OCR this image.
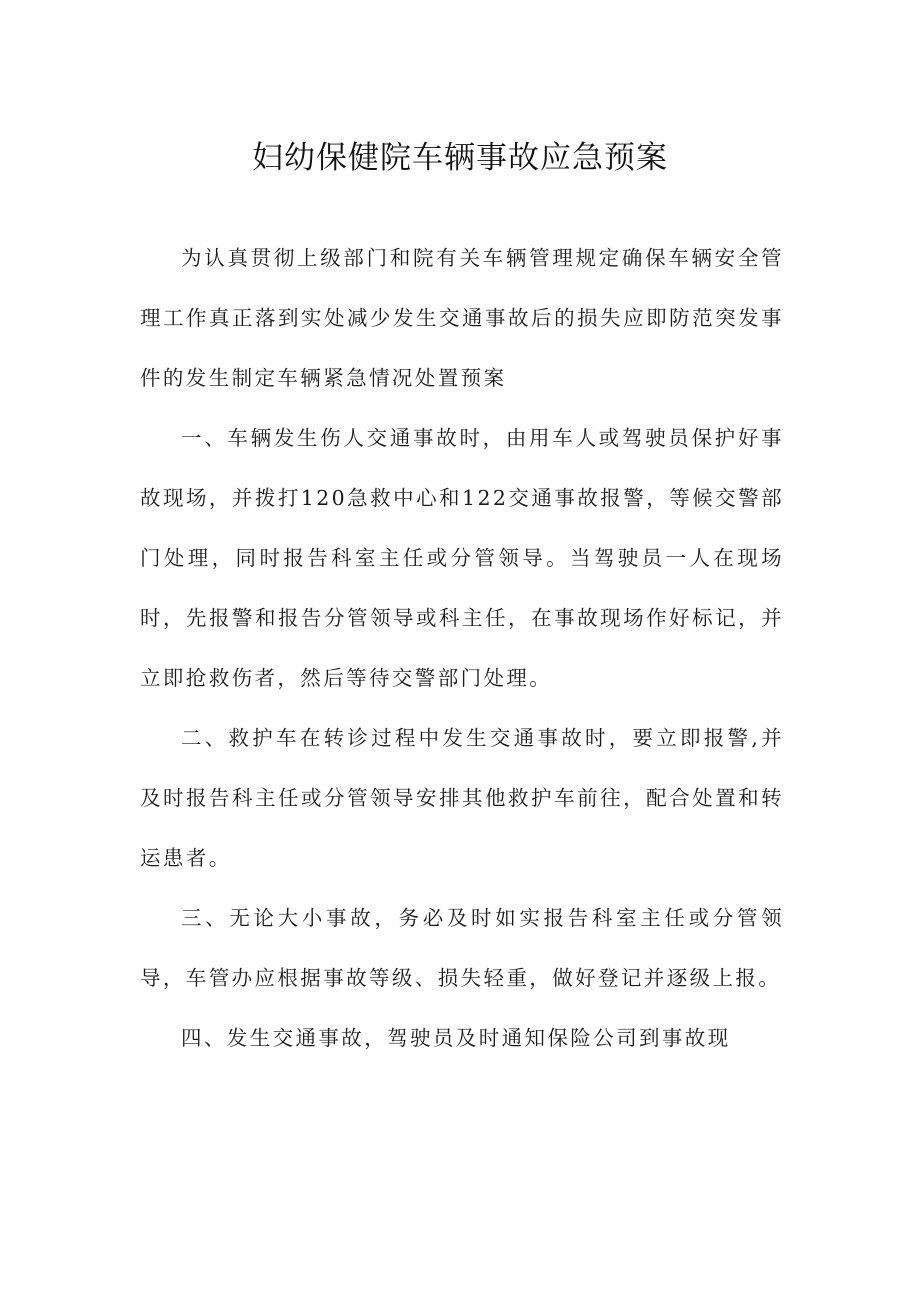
妇幼保健院车辆事故应急预案

为认真贯彻上级部门和院有关车辆管理规定确保车辆安全管理工作真正落到实处减少发生交通事故后的损失应即防范突发事件的发生制定车辆紧急情况处置预案

一、车辆发生伤人交通事故时，由用车人或驾驶员保护好事故现场，并拨打120急救中心和122交通事故报警，等候交警部门处理，同时报告科室主任或分管领导。当驾驶员一人在现场时，先报警和报告分管领导或科主任，在事故现场作好标记，并立即抢救伤者，然后等待交警部门处理。

二、救护车在转诊过程中发生交通事故时，要立即报警,并及时报告科主任或分管领导安排其他救护车前往，配合处置和转运患者。

三、无论大小事故，务必及时如实报告科室主任或分管领导，车管办应根据事故等级、损失轻重，做好登记并逐级上报。

四、发生交通事故，驾驶员及时通知保险公司到事故现
